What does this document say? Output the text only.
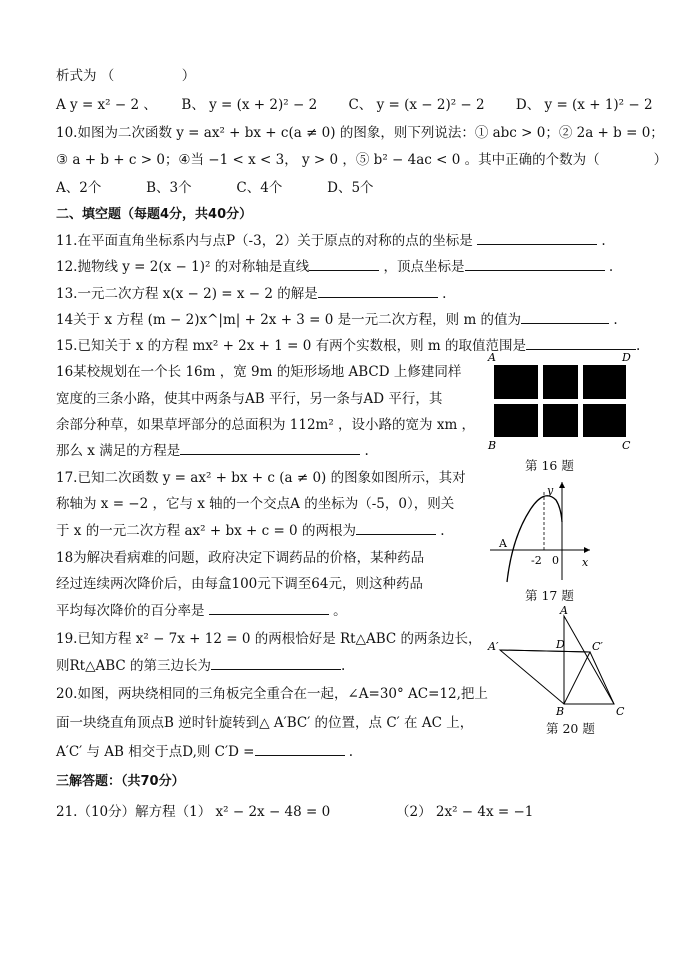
析式为 （　　　　　）
A y = x² − 2 、　　 B、 y = (x + 2)² − 2　　 C、 y = (x − 2)² − 2　　 D、 y = (x + 1)² − 2
10.如图为二次函数 y = ax² + bx + c(a ≠ 0) 的图象，则下列说法：① abc > 0；② 2a + b = 0；
③ a + b + c > 0；④当 −1 < x < 3， y > 0 ，⑤ b² − 4ac < 0 。其中正确的个数为（　　　　）
A、2个　　　 B、3个　　　 C、4个　　　 D、5个
二、填空题（每题4分，共40分）
11.在平面直角坐标系内与点P（-3，2）关于原点的对称的点的坐标是	.
12.抛物线 y = 2(x − 1)² 的对称轴是直线	，顶点坐标是	.
13.一元二次方程 x(x − 2) = x − 2 的解是	.
14关于 x 方程 (m − 2)x^|m| + 2x + 3 = 0 是一元二次方程，则 m 的值为	.
15.已知关于 x 的方程 mx² + 2x + 1 = 0 有两个实数根，则 m 的取值范围是	.
16某校规划在一个长 16m ，宽 9m 的矩形场地 ABCD 上修建同样
宽度的三条小路，使其中两条与AB 平行，另一条与AD 平行，其
余部分种草，如果草坪部分的总面积为 112m² ，设小路的宽为 xm ，
那么 x 满足的方程是	.
17.已知二次函数 y = ax² + bx + c (a ≠ 0) 的图象如图所示，其对
称轴为 x = −2 ，它与 x 轴的一个交点A 的坐标为（-5，0），则关
于 x 的一元二次方程 ax² + bx + c = 0 的两根为	.
18为解决看病难的问题，政府决定下调药品的价格，某种药品
经过连续两次降价后，由每盒100元下调至64元，则这种药品
平均每次降价的百分率是	。
19.已知方程 x² − 7x + 12 = 0 的两根恰好是 Rt△ABC 的两条边长，
则Rt△ABC 的第三边长为	.
20.如图，两块绕相同的三角板完全重合在一起，∠A=30° AC=12,把上
面一块绕直角顶点B 逆时针旋转到△ A′BC′ 的位置，点 C′ 在 AC 上，
A′C′ 与 AB 相交于点D,则 C′D =	.
三解答题：（共70分）
21.（10分）解方程（1） x² − 2x − 48 = 0	（2） 2x² − 4x = −1
A	D
B	C
第 16 题
y
A
-2 0 x
第 17 题
A
A′	D C′
B	C
第 20 题
